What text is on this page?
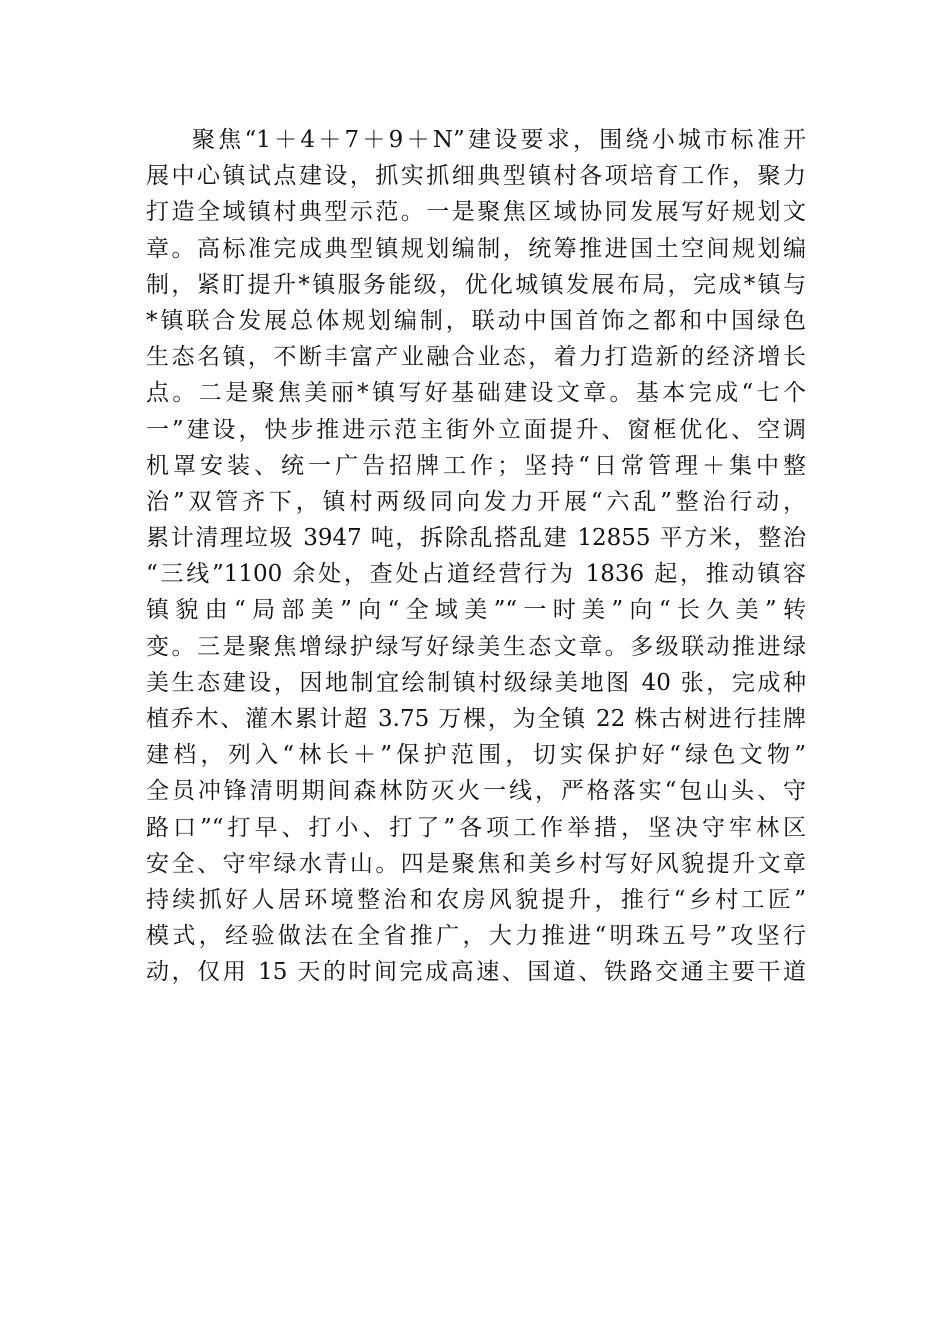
聚焦“1＋4＋7＋9＋N”建设要求，围绕小城市标准开
展中心镇试点建设，抓实抓细典型镇村各项培育工作，聚力
打造全域镇村典型示范。一是聚焦区域协同发展写好规划文
章。高标准完成典型镇规划编制，统筹推进国土空间规划编
制，紧盯提升*镇服务能级，优化城镇发展布局，完成*镇与
*镇联合发展总体规划编制，联动中国首饰之都和中国绿色
生态名镇，不断丰富产业融合业态，着力打造新的经济增长
点。二是聚焦美丽*镇写好基础建设文章。基本完成“七个
一”建设，快步推进示范主街外立面提升、窗框优化、空调
机罩安装、统一广告招牌工作；坚持“日常管理＋集中整
治”双管齐下，镇村两级同向发力开展“六乱”整治行动，
累计清理垃圾 3947 吨，拆除乱搭乱建 12855 平方米，整治
“三线”1100 余处，查处占道经营行为 1836 起，推动镇容
镇貌由“局部美”向“全域美”“一时美”向“长久美”转
变。三是聚焦增绿护绿写好绿美生态文章。多级联动推进绿
美生态建设，因地制宜绘制镇村级绿美地图 40 张，完成种
植乔木、灌木累计超 3.75 万棵，为全镇 22 株古树进行挂牌
建档，列入“林长＋”保护范围，切实保护好“绿色文物”
全员冲锋清明期间森林防灭火一线，严格落实“包山头、守
路口”“打早、打小、打了”各项工作举措，坚决守牢林区
安全、守牢绿水青山。四是聚焦和美乡村写好风貌提升文章
持续抓好人居环境整治和农房风貌提升，推行“乡村工匠”
模式，经验做法在全省推广，大力推进“明珠五号”攻坚行
动，仅用 15 天的时间完成高速、国道、铁路交通主要干道
